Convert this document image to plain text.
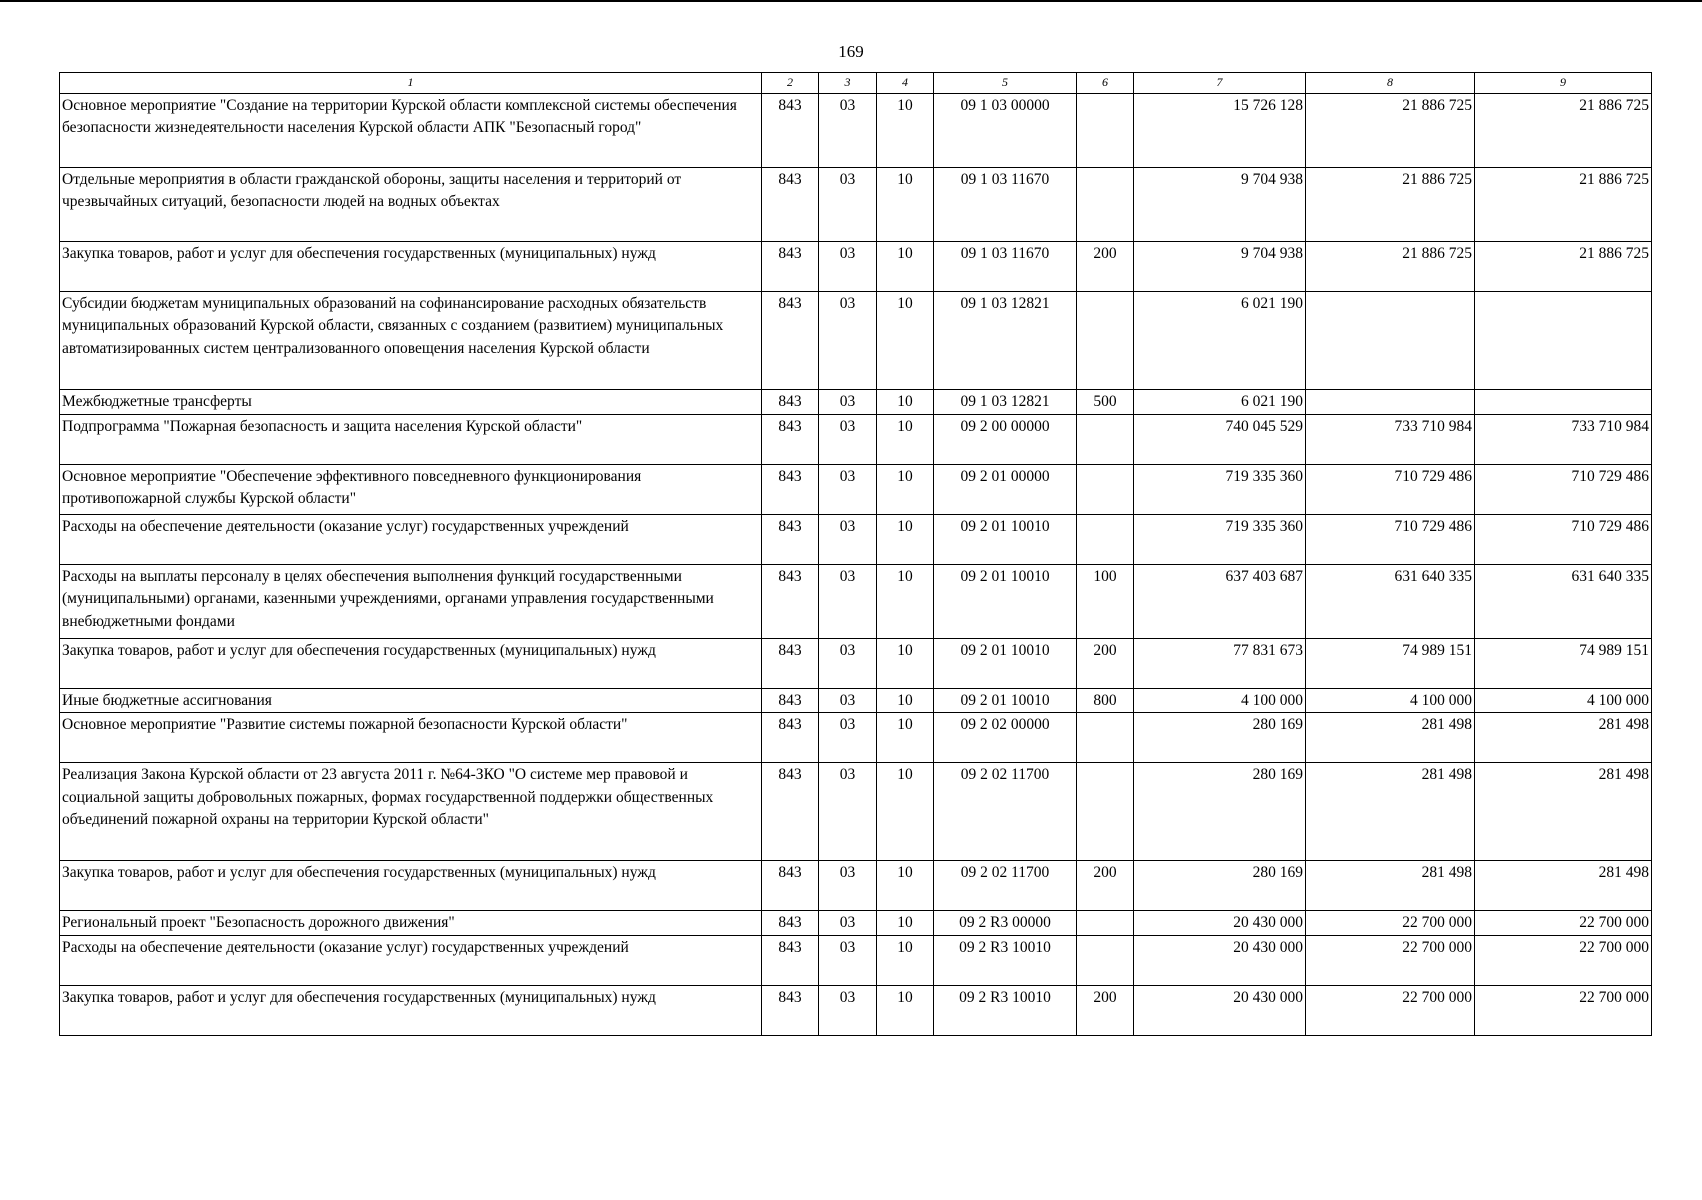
169
1	2	3	4	5	6	7	8	9
Основное мероприятие "Создание на территории Курской области комплексной системы обеспечения безопасности жизнедеятельности населения Курской области АПК "Безопасный город"	843	03	10	09 1 03 00000		15 726 128	21 886 725	21 886 725
Отдельные мероприятия в области гражданской обороны, защиты населения и территорий от чрезвычайных ситуаций, безопасности людей на водных объектах	843	03	10	09 1 03 11670		9 704 938	21 886 725	21 886 725
Закупка товаров, работ и услуг для обеспечения государственных (муниципальных) нужд	843	03	10	09 1 03 11670	200	9 704 938	21 886 725	21 886 725
Субсидии бюджетам муниципальных образований на софинансирование расходных обязательств муниципальных образований Курской области, связанных с созданием (развитием) муниципальных автоматизированных систем централизованного оповещения населения Курской области	843	03	10	09 1 03 12821		6 021 190		
Межбюджетные трансферты	843	03	10	09 1 03 12821	500	6 021 190		
Подпрограмма "Пожарная безопасность и защита населения Курской области"	843	03	10	09 2 00 00000		740 045 529	733 710 984	733 710 984
Основное мероприятие "Обеспечение эффективного повседневного функционирования противопожарной службы Курской области"	843	03	10	09 2 01 00000		719 335 360	710 729 486	710 729 486
Расходы на обеспечение деятельности (оказание услуг) государственных учреждений	843	03	10	09 2 01 10010		719 335 360	710 729 486	710 729 486
Расходы на выплаты персоналу в целях обеспечения выполнения функций государственными (муниципальными) органами, казенными учреждениями, органами управления государственными внебюджетными фондами	843	03	10	09 2 01 10010	100	637 403 687	631 640 335	631 640 335
Закупка товаров, работ и услуг для обеспечения государственных (муниципальных) нужд	843	03	10	09 2 01 10010	200	77 831 673	74 989 151	74 989 151
Иные бюджетные ассигнования	843	03	10	09 2 01 10010	800	4 100 000	4 100 000	4 100 000
Основное мероприятие "Развитие системы пожарной безопасности Курской области"	843	03	10	09 2 02 00000		280 169	281 498	281 498
Реализация Закона Курской области от 23 августа 2011 г. №64-ЗКО "О системе мер правовой и социальной защиты добровольных пожарных, формах государственной поддержки общественных объединений пожарной охраны на территории Курской области"	843	03	10	09 2 02 11700		280 169	281 498	281 498
Закупка товаров, работ и услуг для обеспечения государственных (муниципальных) нужд	843	03	10	09 2 02 11700	200	280 169	281 498	281 498
Региональный проект "Безопасность дорожного движения"	843	03	10	09 2 R3 00000		20 430 000	22 700 000	22 700 000
Расходы на обеспечение деятельности (оказание услуг) государственных учреждений	843	03	10	09 2 R3 10010		20 430 000	22 700 000	22 700 000
Закупка товаров, работ и услуг для обеспечения государственных (муниципальных) нужд	843	03	10	09 2 R3 10010	200	20 430 000	22 700 000	22 700 000
